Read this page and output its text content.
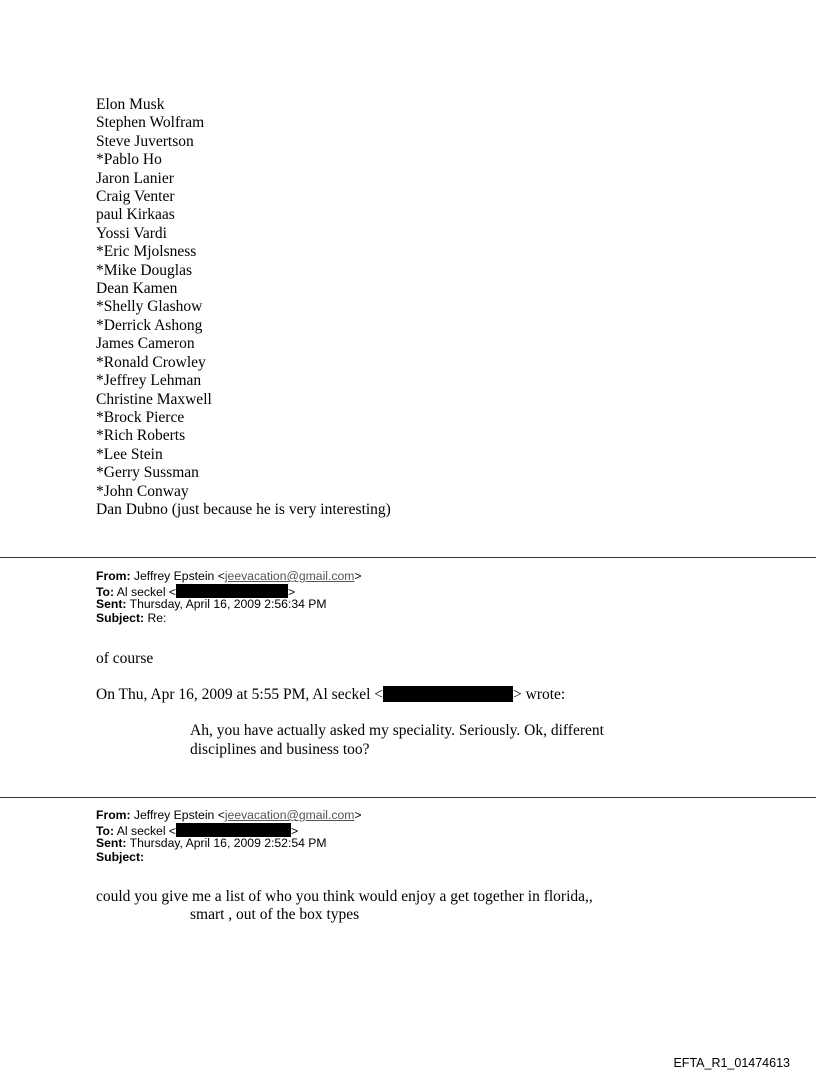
Elon Musk
Stephen Wolfram
Steve Juvertson
*Pablo Ho
Jaron Lanier
Craig Venter
paul Kirkaas
Yossi Vardi
*Eric Mjolsness
*Mike Douglas
Dean Kamen
*Shelly Glashow
*Derrick Ashong
James Cameron
*Ronald Crowley
*Jeffrey Lehman
Christine Maxwell
*Brock Pierce
*Rich Roberts
*Lee Stein
*Gerry Sussman
*John Conway
Dan Dubno (just because he is very interesting)
From: Jeffrey Epstein <jeevacation@gmail.com>
To: Al seckel <	>
Sent: Thursday, April 16, 2009 2:56:34 PM
Subject: Re:
of course
On Thu, Apr 16, 2009 at 5:55 PM, Al seckel <	> wrote:
Ah, you have actually asked my speciality. Seriously. Ok, different
disciplines and business too?
From: Jeffrey Epstein <jeevacation@gmail.com>
To: Al seckel <	>
Sent: Thursday, April 16, 2009 2:52:54 PM
Subject:
could you give me a list of who you think would enjoy a get together in florida,,
smart , out of the box types
EFTA_R1_01474613
